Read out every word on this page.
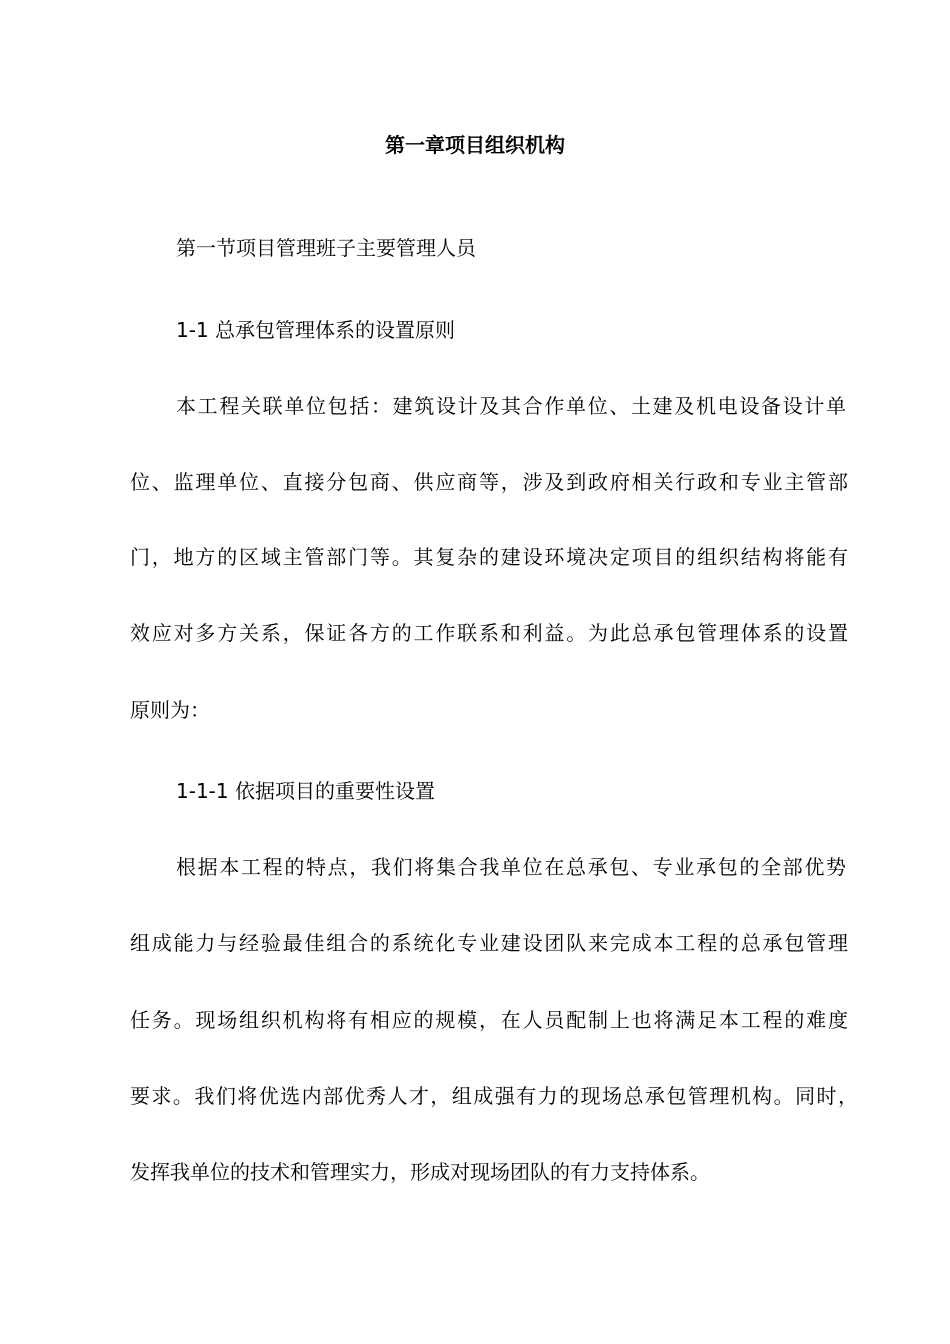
第一章项目组织机构

第一节项目管理班子主要管理人员

1-1 总承包管理体系的设置原则

本工程关联单位包括：建筑设计及其合作单位、土建及机电设备设计单

位、监理单位、直接分包商、供应商等，涉及到政府相关行政和专业主管部

门，地方的区域主管部门等。其复杂的建设环境决定项目的组织结构将能有

效应对多方关系，保证各方的工作联系和利益。为此总承包管理体系的设置

原则为：

1-1-1 依据项目的重要性设置

根据本工程的特点，我们将集合我单位在总承包、专业承包的全部优势

组成能力与经验最佳组合的系统化专业建设团队来完成本工程的总承包管理

任务。现场组织机构将有相应的规模，在人员配制上也将满足本工程的难度

要求。我们将优选内部优秀人才，组成强有力的现场总承包管理机构。同时，

发挥我单位的技术和管理实力，形成对现场团队的有力支持体系。
